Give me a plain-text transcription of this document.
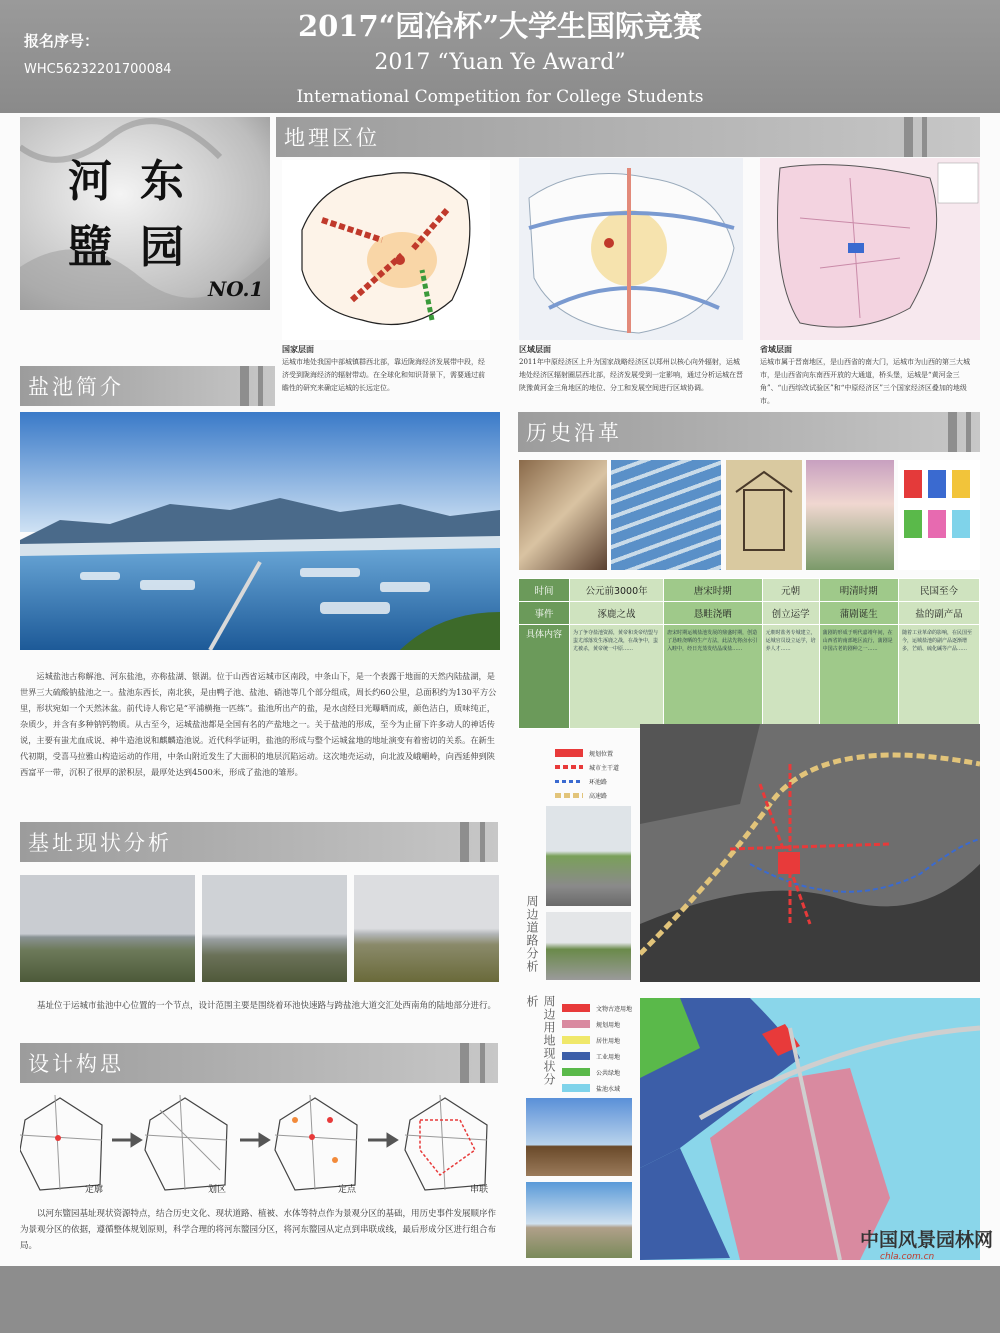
报名序号：
WHC56232201700084
2017“园冶杯”大学生国际竞赛
2017 “Yuan Ye Award”
International Competition for College Students
东
河
园
盬
NO.1
地理区位
国家层面	区域层面	省域层面
运城市地处我国中部城镇群西北部，靠近陇海经济发展带中段，经济受到陇海经济的辐射带动。在全球化和知识背景下，需要通过前瞻性的研究来确定运城的长远定位。
2011年中原经济区上升为国家战略经济区以郑州以核心向外辐射，运城地处经济区辐射圈层西北部，经济发展受到一定影响，通过分析运城在晋陕豫黄河金三角地区的地位、分工和发展空间进行区域协调。
运城市属于晋南地区，是山西省的南大门，运城市为山西的第三大城市，是山西省向东南西开放的大通道，桥头堡，运城是“黄河金三角”、“山西综改试验区”和“中原经济区”三个国家经济区叠加的地级市。
盐池简介
运城盐池古称解池、河东盐池，亦称盐湖、银湖。位于山西省运城市区南段，中条山下，是一个表露于地面的天然内陆盐湖，是世界三大硫酸钠盐池之一。盐池东西长，南北狭，是由鸭子池、盐池、硝池等几个部分组成，周长约60公里，总面积约为130平方公里，形状宛如一个天然沐盆。前代诗人称它是“平浦横拖一匹练”。盐池所出产的盐，是水卤经日光曝晒而成，颜色洁白，质味纯正，杂质少，并含有多种钠钙物质。从古至今，运城盐池都是全国有名的产盐地之一。关于盐池的形成，至今为止留下许多动人的神话传说，主要有蚩尤血成说、神牛造池说和麒麟造池说。近代科学证明，盐池的形成与整个运城盆地的地址演变有着密切的关系。在新生代初期，受喜马拉雅山构造运动的作用，中条山附近发生了大面积的地层沉陷运动。这次地壳运动，向北波及峨嵋岭，向西延伸到陕西富平一带，沉积了很厚的淤积层，最厚处达到4500米，形成了盐池的雏形。
历史沿革
时间	公元前3000年	唐宋时期	元朝	明清时期	民国至今
事件	涿鹿之战	恳畦浇晒	创立运学	蒲剧诞生	盐的副产品
具体内容	为了争夺盐池资源，黄帝和炎帝结盟与蚩尤部落发生涿鹿之战，在战争中，蚩尤被杀，黄帝统一中原……	唐宋时期运城盐池发展的鼎盛时期，创造了恳畦浇晒的生产方法，此法先将卤水引入畦中，经日光蒸发结晶成盐……	元朝时盐务专城建立，运城官员设立运学，培养人才……	蒲剧的形成于明代嘉靖年间，在山西省的南部地区流行，蒲剧是中国古老的剧种之一……	随着工业革命的影响，在民国至今，运城盐池的副产品逐渐增多，芒硝、硫化碱等产品……
基址现状分析
基址位于运城市盐池中心位置的一个节点，设计范围主要是围绕着环池快速路与跨盐池大道交汇处西南角的陆地部分进行。
设计构思
定廓	划区	定点	串联
以河东盬园基址现状资源特点，结合历史文化、现状道路、植被、水体等特点作为景观分区的基础，用历史事件发展顺序作为景观分区的依据，遵循整体规划原则，科学合理的将河东盬园分区，将河东盬园从定点到串联成线，最后形成分区进行组合布局。
规划位置
城市主干道
环池路
高速路
周边道路分析
周边用地现状分析
文物古迹用地
规划用地
居住用地
工业用地
公共绿地
盐池水域
中国风景园林网
chla.com.cn
